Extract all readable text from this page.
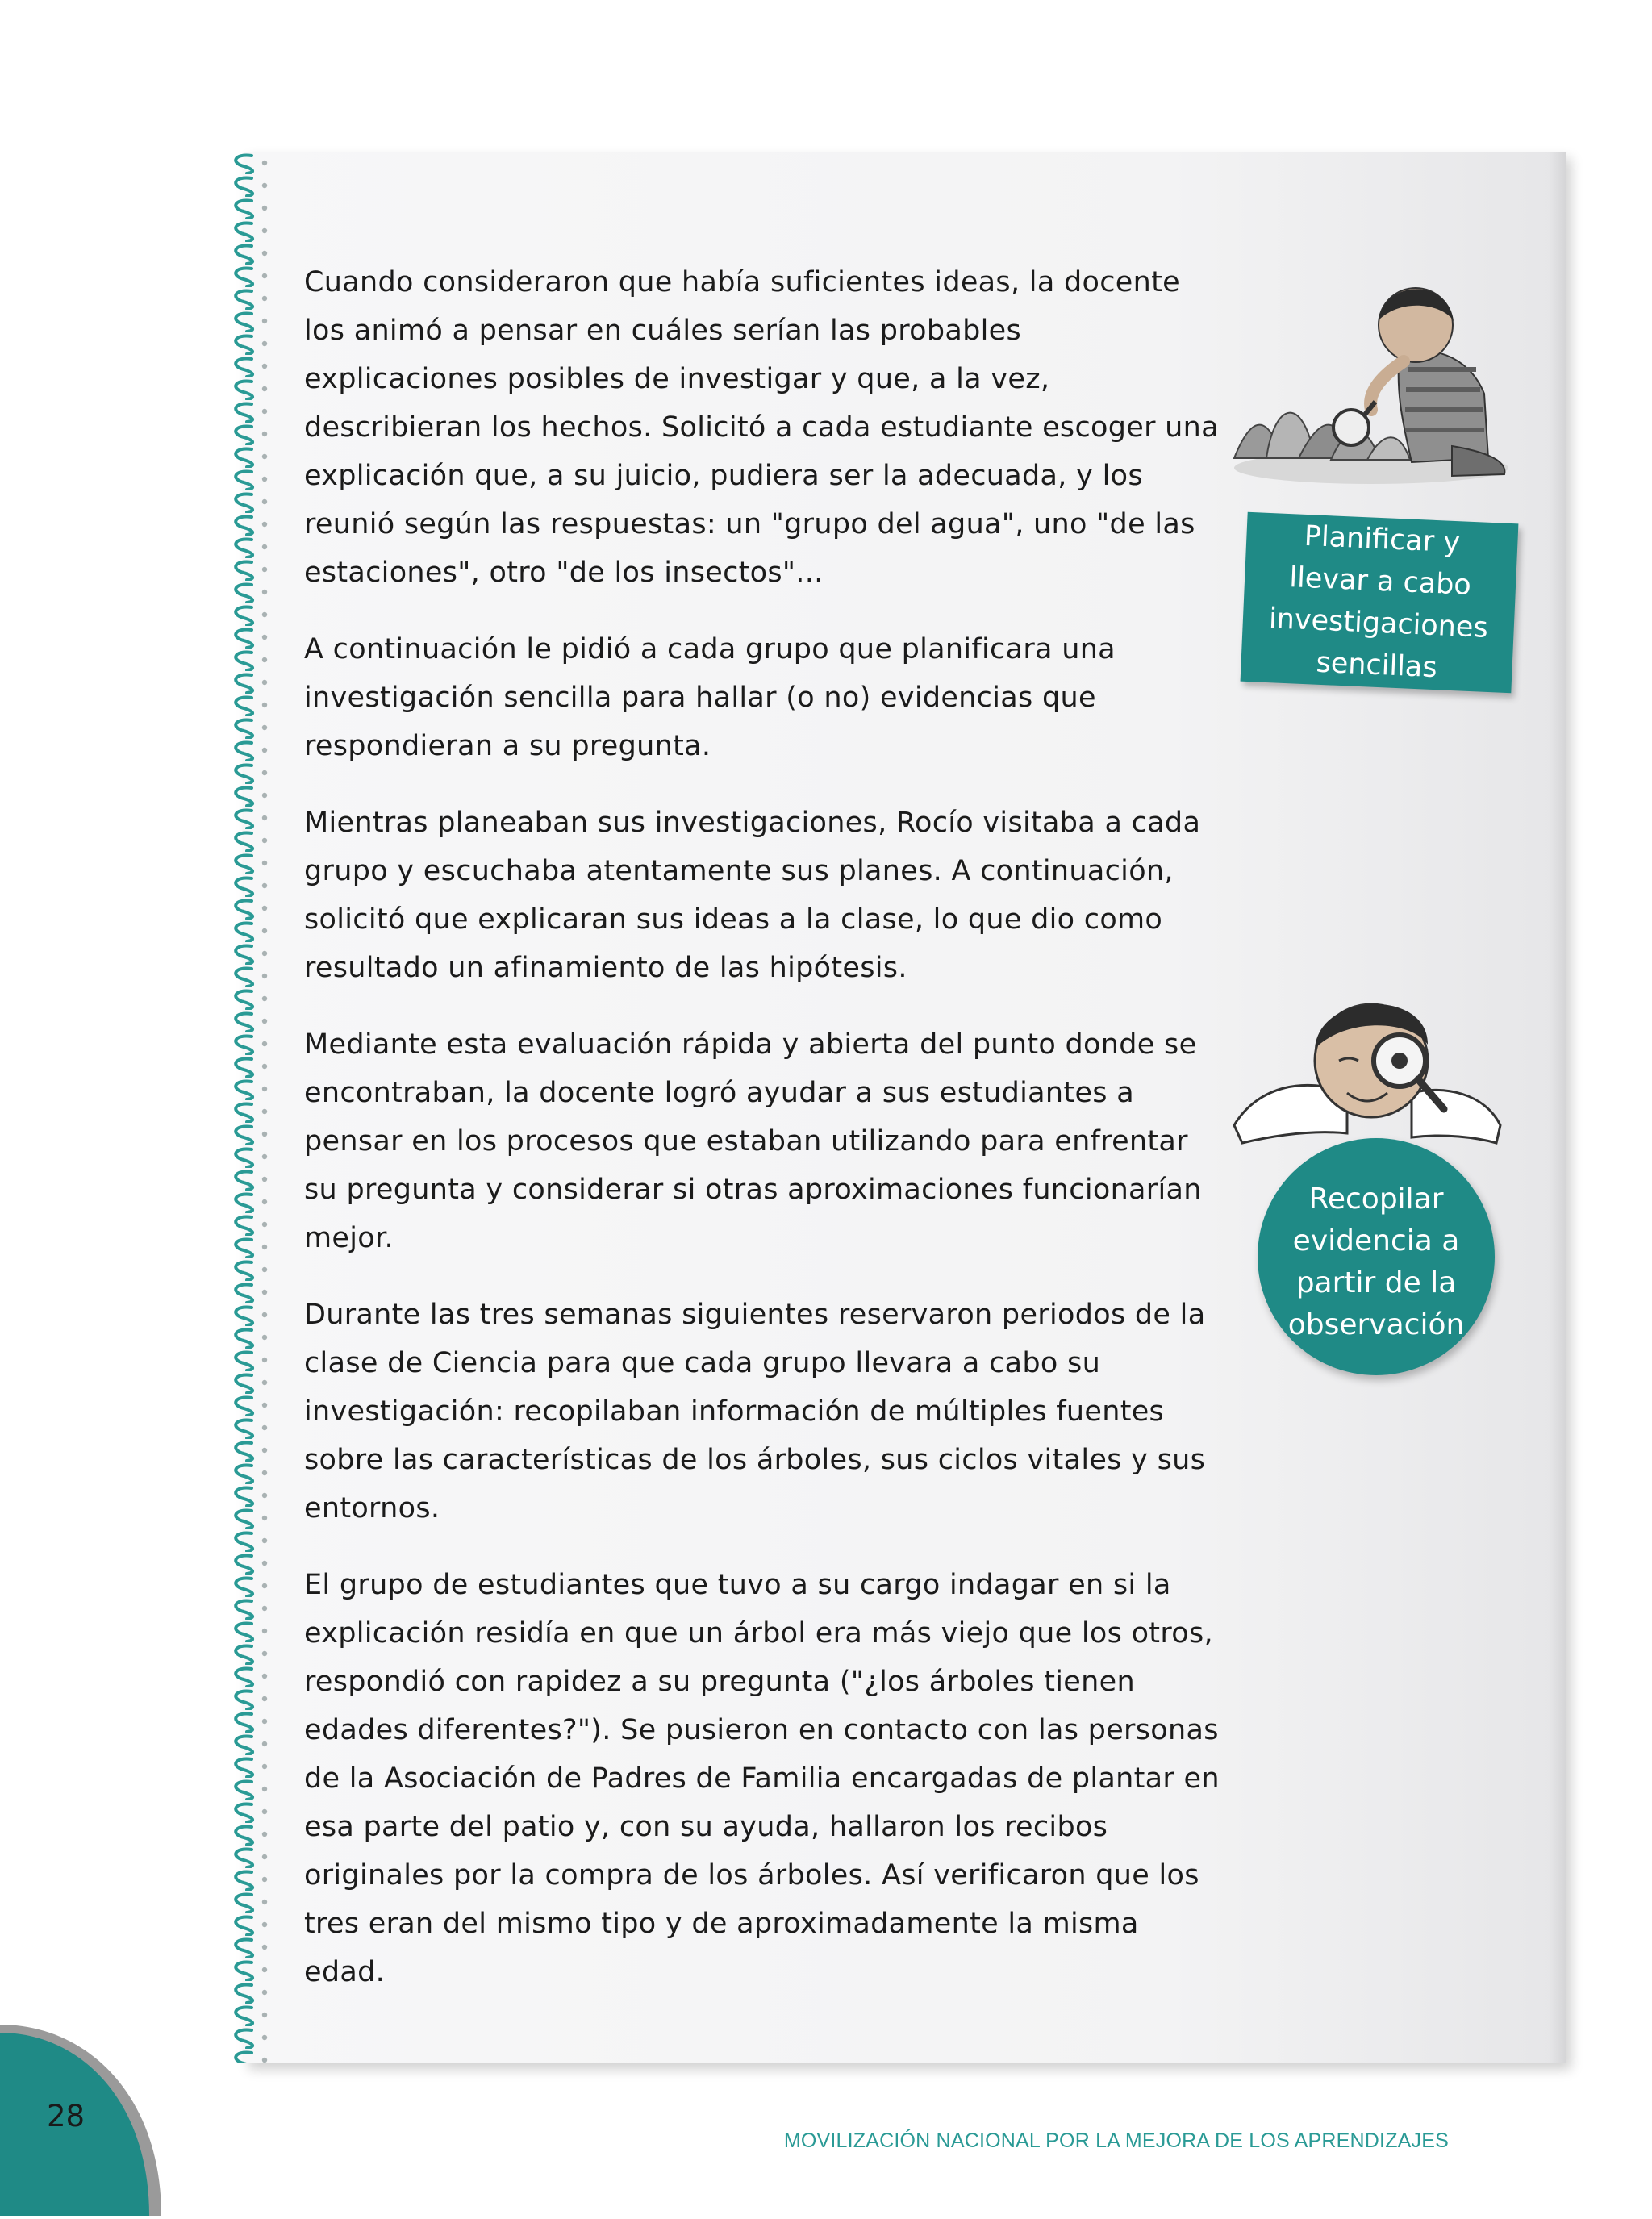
Cuando consideraron que había suficientes ideas, la docente los animó a pensar en cuáles serían las probables explicaciones posibles de investigar y que, a la vez, describieran los hechos. Solicitó a cada estudiante escoger una explicación que, a su juicio, pudiera ser la adecuada, y los reunió según las respuestas: un "grupo del agua", uno "de las estaciones", otro "de los insectos"...

A continuación le pidió a cada grupo que planificara una investigación sencilla para hallar (o no) evidencias que respondieran a su pregunta.

Mientras planeaban sus investigaciones, Rocío visitaba a cada grupo y escuchaba atentamente sus planes. A continuación, solicitó que explicaran sus ideas a la clase, lo que dio como resultado un afinamiento de las hipótesis.

Mediante esta evaluación rápida y abierta del punto donde se encontraban, la docente logró ayudar a sus estudiantes a pensar en los procesos que estaban utilizando para enfrentar su pregunta y considerar si otras aproximaciones funcionarían mejor.

Durante las tres semanas siguientes reservaron periodos de la clase de Ciencia para que cada grupo llevara a cabo su investigación: recopilaban información de múltiples fuentes sobre las características de los árboles, sus ciclos vitales y sus entornos.

El grupo de estudiantes que tuvo a su cargo indagar en si la explicación residía en que un árbol era más viejo que los otros, respondió con rapidez a su pregunta ("¿los árboles tienen edades diferentes?"). Se pusieron en contacto con las personas de la Asociación de Padres de Familia encargadas de plantar en esa parte del patio y, con su ayuda, hallaron los recibos originales por la compra de los árboles. Así verificaron que los tres eran del mismo tipo y de aproximadamente la misma edad.

Planificar y
llevar a cabo
investigaciones
sencillas
Recopilar
evidencia a
partir de la
observación
28
MOVILIZACIÓN NACIONAL POR LA MEJORA DE LOS APRENDIZAJES
